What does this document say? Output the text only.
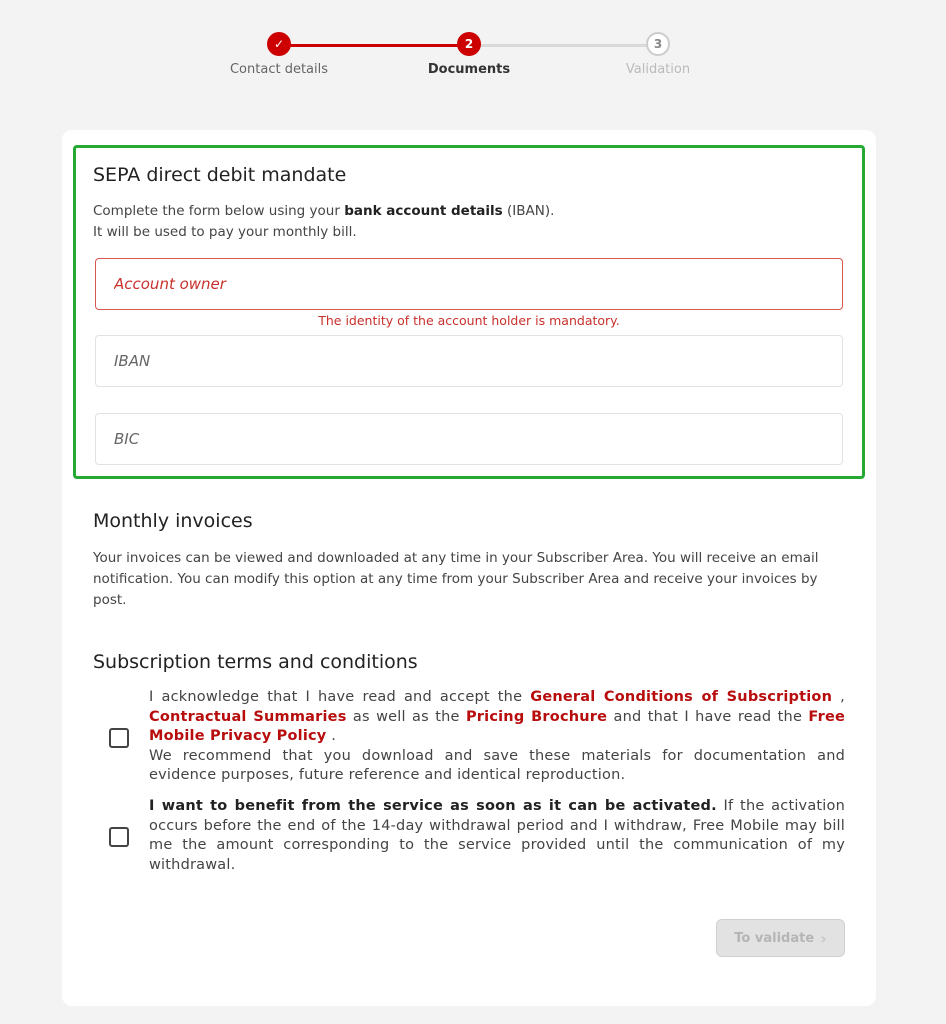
✓
Contact details
2
Documents
3
Validation
SEPA direct debit mandate
Complete the form below using your bank account details (IBAN).
It will be used to pay your monthly bill.
Account owner
The identity of the account holder is mandatory.
IBAN
BIC
Monthly invoices
Your invoices can be viewed and downloaded at any time in your Subscriber Area. You will receive an email notification. You can modify this option at any time from your Subscriber Area and receive your invoices by post.
Subscription terms and conditions
I acknowledge that I have read and accept the General Conditions of Subscription , Contractual Summaries as well as the Pricing Brochure and that I have read the Free Mobile Privacy Policy .
We recommend that you download and save these materials for documentation and evidence purposes, future reference and identical reproduction.
I want to benefit from the service as soon as it can be activated. If the activation occurs before the end of the 14-day withdrawal period and I withdraw, Free Mobile may bill me the amount corresponding to the service provided until the communication of my withdrawal.
To validate ›
